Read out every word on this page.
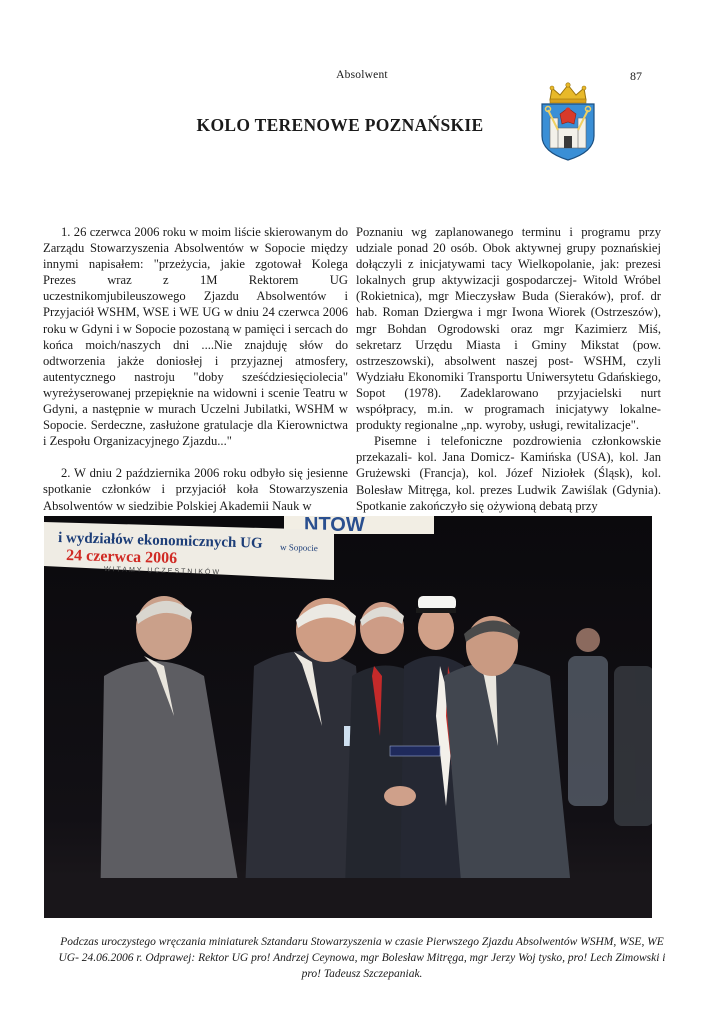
Absolwent	87
KOLO TERENOWE POZNAŃSKIE

1. 26 czerwca 2006 roku w moim liście skierowanym do Zarządu Stowarzyszenia Absolwentów w Sopocie między innymi napisałem: "przeżycia, jakie zgotował Kolega Prezes wraz z 1M Rektorem UG uczestnikomjubileuszowego Zjazdu Absolwentów i Przyjaciół WSHM, WSE i WE UG w dniu 24 czerwca 2006 roku w Gdyni i w Sopocie pozostaną w pamięci i sercach do końca moich/naszych dni ....Nie znajduję słów do odtworzenia jakże doniosłej i przyjaznej atmosfery, autentycznego nastroju "doby sześćdziesięciolecia" wyreżyserowanej przepięknie na widowni i scenie Teatru w Gdyni, a następnie w murach Uczelni Jubilatki, WSHM w Sopocie. Serdeczne, zasłużone gratulacje dla Kierownictwa i Zespołu Organizacyjnego Zjazdu..."

2. W dniu 2 października 2006 roku odbyło się jesienne spotkanie członków i przyjaciół koła Stowarzyszenia Absolwentów w siedzibie Polskiej Akademii Nauk w

Poznaniu wg zaplanowanego terminu i programu przy udziale ponad 20 osób. Obok aktywnej grupy poznańskiej dołączyli z inicjatywami tacy Wielkopolanie, jak: prezesi lokalnych grup aktywizacji gospodarczej- Witold Wróbel (Rokietnica), mgr Mieczysław Buda (Sieraków), prof. dr hab. Roman Dziergwa i mgr Iwona Wiorek (Ostrzeszów), mgr Bohdan Ogrodowski oraz mgr Kazimierz Miś, sekretarz Urzędu Miasta i Gminy Mikstat (pow. ostrzeszowski), absolwent naszej post- WSHM, czyli Wydziału Ekonomiki Transportu Uniwersytetu Gdańskiego, Sopot (1978). Zadeklarowano przyjacielski nurt współpracy, m.in. w programach inicjatywy lokalne-produkty regionalne „np. wyroby, usługi, rewitalizacje".

Pisemne i telefoniczne pozdrowienia członkowskie przekazali- kol. Jana Domicz- Kamińska (USA), kol. Jan Grużewski (Francja), kol. Józef Niziołek (Śląsk), kol. Bolesław Mitręga, kol. prezes Ludwik Zawiślak (Gdynia). Spotkanie zakończyło się ożywioną debatą przy

NTOW
i wydziałów ekonomicznych UG w Sopocie
24 czerwca 2006
WITAMY UCZESTNIKÓW

Podczas uroczystego wręczania miniaturek Sztandaru Stowarzyszenia w czasie Pierwszego Zjazdu Absolwentów WSHM, WSE, WE UG- 24.06.2006 r. Odprawej: Rektor UG pro! Andrzej Ceynowa, mgr Bolesław Mitręga, mgr Jerzy Woj tysko, pro! Lech Zimowski i pro! Tadeusz Szczepaniak.
